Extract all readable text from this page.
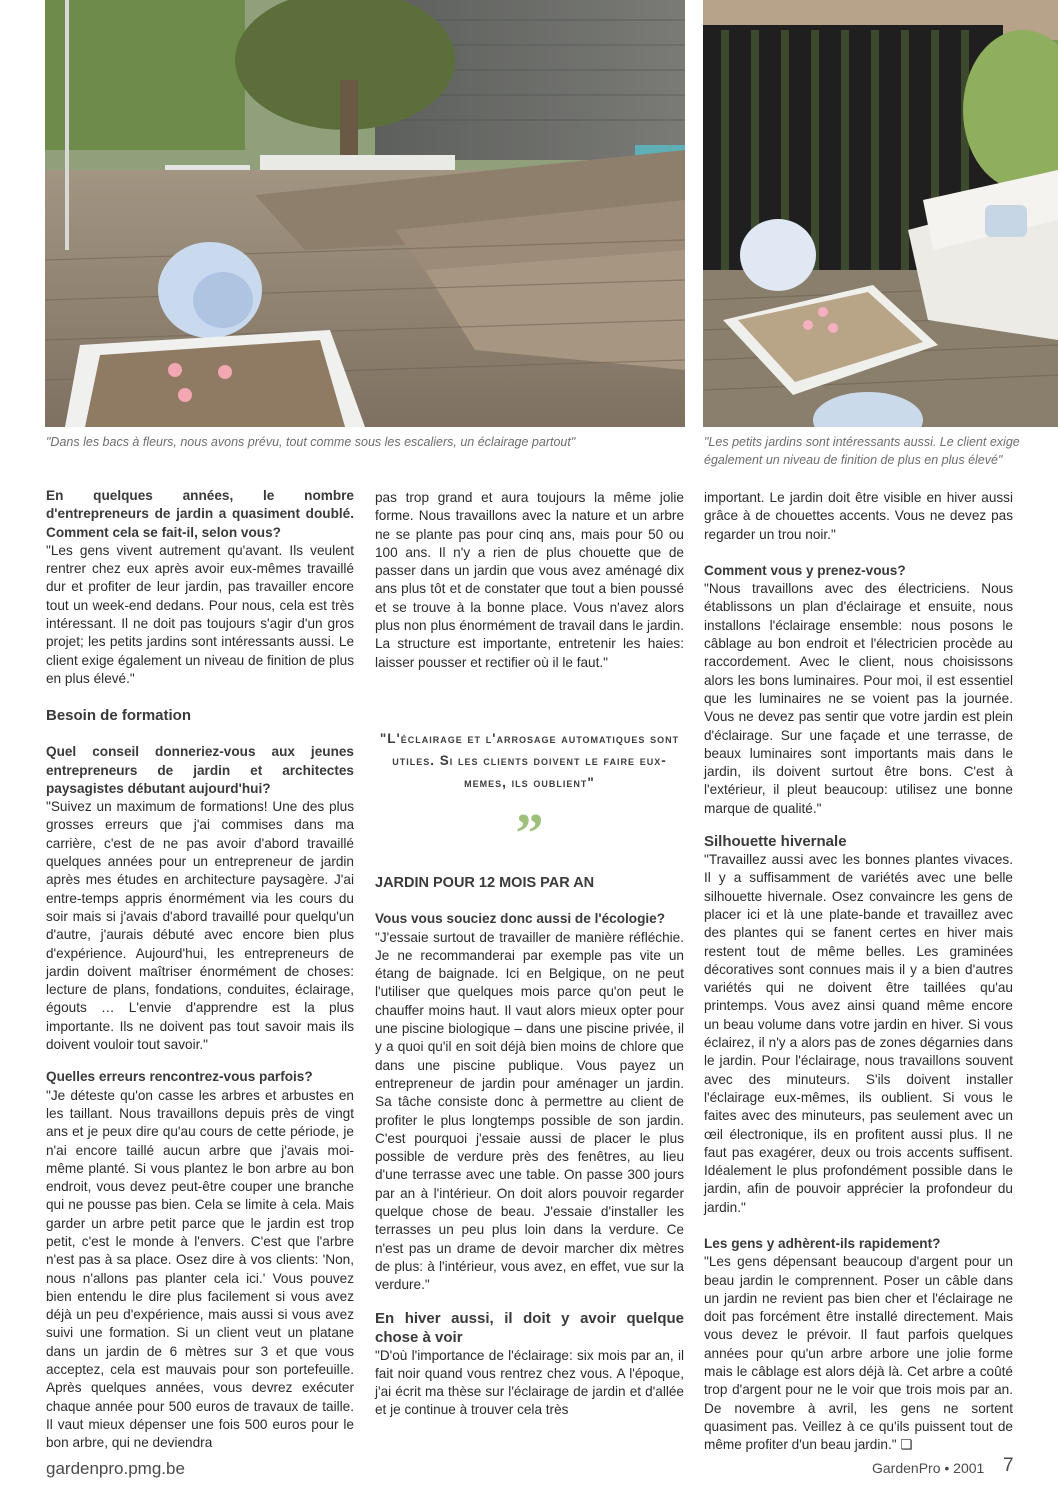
"Dans les bacs à fleurs, nous avons prévu, tout comme sous les escaliers, un éclairage partout"	"Les petits jardins sont intéressants aussi. Le client exige également un niveau de finition de plus en plus élevé"

En quelques années, le nombre d'entrepreneurs de jardin a quasiment doublé. Comment cela se fait-il, selon vous?

"Les gens vivent autrement qu'avant. Ils veulent rentrer chez eux après avoir eux-mêmes travaillé dur et profiter de leur jardin, pas travailler encore tout un week-end dedans. Pour nous, cela est très intéressant. Il ne doit pas toujours s'agir d'un gros projet; les petits jardins sont intéressants aussi. Le client exige également un niveau de finition de plus en plus élevé."

Besoin de formation

Quel conseil donneriez-vous aux jeunes entrepreneurs de jardin et architectes paysagistes débutant aujourd'hui?

"Suivez un maximum de formations! Une des plus grosses erreurs que j'ai commises dans ma carrière, c'est de ne pas avoir d'abord travaillé quelques années pour un entrepreneur de jardin après mes études en architecture paysagère. J'ai entre-temps appris énormément via les cours du soir mais si j'avais d'abord travaillé pour quelqu'un d'autre, j'aurais débuté avec encore bien plus d'expérience. Aujourd'hui, les entrepreneurs de jardin doivent maîtriser énormément de choses: lecture de plans, fondations, conduites, éclairage, égouts … L'envie d'apprendre est la plus importante. Ils ne doivent pas tout savoir mais ils doivent vouloir tout savoir."

Quelles erreurs rencontrez-vous parfois?

"Je déteste qu'on casse les arbres et arbustes en les taillant. Nous travaillons depuis près de vingt ans et je peux dire qu'au cours de cette période, je n'ai encore taillé aucun arbre que j'avais moi-même planté. Si vous plantez le bon arbre au bon endroit, vous devez peut-être couper une branche qui ne pousse pas bien. Cela se limite à cela. Mais garder un arbre petit parce que le jardin est trop petit, c'est le monde à l'envers. C'est que l'arbre n'est pas à sa place. Osez dire à vos clients: 'Non, nous n'allons pas planter cela ici.' Vous pouvez bien entendu le dire plus facilement si vous avez déjà un peu d'expérience, mais aussi si vous avez suivi une formation. Si un client veut un platane dans un jardin de 6 mètres sur 3 et que vous acceptez, cela est mauvais pour son portefeuille. Après quelques années, vous devrez exécuter chaque année pour 500 euros de travaux de taille. Il vaut mieux dépenser une fois 500 euros pour le bon arbre, qui ne deviendra

pas trop grand et aura toujours la même jolie forme. Nous travaillons avec la nature et un arbre ne se plante pas pour cinq ans, mais pour 50 ou 100 ans. Il n'y a rien de plus chouette que de passer dans un jardin que vous avez aménagé dix ans plus tôt et de constater que tout a bien poussé et se trouve à la bonne place. Vous n'avez alors plus non plus énormément de travail dans le jardin. La structure est importante, entretenir les haies: laisser pousser et rectifier où il le faut."

"L'éclairage et l'arrosage automatiques sont utiles. Si les clients doivent le faire eux-memes, ils oublient"

”

JARDIN POUR 12 MOIS PAR AN

Vous vous souciez donc aussi de l'écologie?

"J'essaie surtout de travailler de manière réfléchie. Je ne recommanderai par exemple pas vite un étang de baignade. Ici en Belgique, on ne peut l'utiliser que quelques mois parce qu'on peut le chauffer moins haut. Il vaut alors mieux opter pour une piscine biologique – dans une piscine privée, il y a quoi qu'il en soit déjà bien moins de chlore que dans une piscine publique. Vous payez un entrepreneur de jardin pour aménager un jardin. Sa tâche consiste donc à permettre au client de profiter le plus longtemps possible de son jardin. C'est pourquoi j'essaie aussi de placer le plus possible de verdure près des fenêtres, au lieu d'une terrasse avec une table. On passe 300 jours par an à l'intérieur. On doit alors pouvoir regarder quelque chose de beau. J'essaie d'installer les terrasses un peu plus loin dans la verdure. Ce n'est pas un drame de devoir marcher dix mètres de plus: à l'intérieur, vous avez, en effet, vue sur la verdure."

En hiver aussi, il doit y avoir quelque chose à voir

"D'où l'importance de l'éclairage: six mois par an, il fait noir quand vous rentrez chez vous. A l'époque, j'ai écrit ma thèse sur l'éclairage de jardin et d'allée et je continue à trouver cela très

important. Le jardin doit être visible en hiver aussi grâce à de chouettes accents. Vous ne devez pas regarder un trou noir."

Comment vous y prenez-vous?

"Nous travaillons avec des électriciens. Nous établissons un plan d'éclairage et ensuite, nous installons l'éclairage ensemble: nous posons le câblage au bon endroit et l'électricien procède au raccordement. Avec le client, nous choisissons alors les bons luminaires. Pour moi, il est essentiel que les luminaires ne se voient pas la journée. Vous ne devez pas sentir que votre jardin est plein d'éclairage. Sur une façade et une terrasse, de beaux luminaires sont importants mais dans le jardin, ils doivent surtout être bons. C'est à l'extérieur, il pleut beaucoup: utilisez une bonne marque de qualité."

Silhouette hivernale

"Travaillez aussi avec les bonnes plantes vivaces. Il y a suffisamment de variétés avec une belle silhouette hivernale. Osez convaincre les gens de placer ici et là une plate-bande et travaillez avec des plantes qui se fanent certes en hiver mais restent tout de même belles. Les graminées décoratives sont connues mais il y a bien d'autres variétés qui ne doivent être taillées qu'au printemps. Vous avez ainsi quand même encore un beau volume dans votre jardin en hiver. Si vous éclairez, il n'y a alors pas de zones dégarnies dans le jardin. Pour l'éclairage, nous travaillons souvent avec des minuteurs. S'ils doivent installer l'éclairage eux-mêmes, ils oublient. Si vous le faites avec des minuteurs, pas seulement avec un œil électronique, ils en profitent aussi plus. Il ne faut pas exagérer, deux ou trois accents suffisent. Idéalement le plus profondément possible dans le jardin, afin de pouvoir apprécier la profondeur du jardin."

Les gens y adhèrent-ils rapidement?

"Les gens dépensant beaucoup d'argent pour un beau jardin le comprennent. Poser un câble dans un jardin ne revient pas bien cher et l'éclairage ne doit pas forcément être installé directement. Mais vous devez le prévoir. Il faut parfois quelques années pour qu'un arbre arbore une jolie forme mais le câblage est alors déjà là. Cet arbre a coûté trop d'argent pour ne le voir que trois mois par an. De novembre à avril, les gens ne sortent quasiment pas. Veillez à ce qu'ils puissent tout de même profiter d'un beau jardin." ❏

gardenpro.pmg.be	GardenPro • 2001 7
